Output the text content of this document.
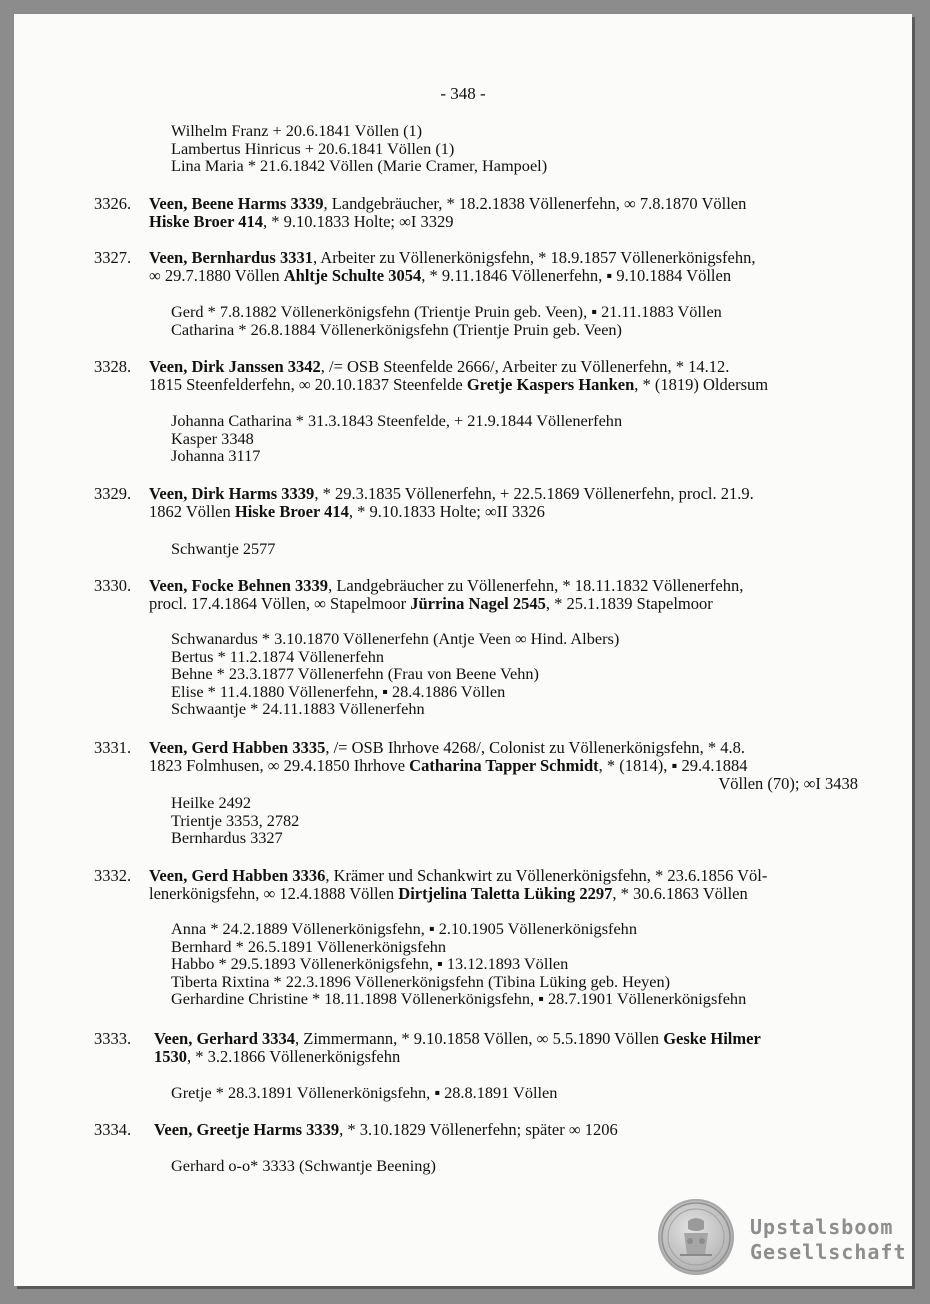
- 348 -
Wilhelm Franz + 20.6.1841 Völlen (1)
Lambertus Hinricus + 20.6.1841 Völlen (1)
Lina Maria * 21.6.1842 Völlen (Marie Cramer, Hampoel)
3326.	Veen, Beene Harms 3339, Landgebräucher, * 18.2.1838 Völlenerfehn, ∞ 7.8.1870 Völlen
Hiske Broer 414, * 9.10.1833 Holte; ∞I 3329
3327.	Veen, Bernhardus 3331, Arbeiter zu Völlenerkönigsfehn, * 18.9.1857 Völlenerkönigsfehn,
∞ 29.7.1880 Völlen Ahltje Schulte 3054, * 9.11.1846 Völlenerfehn, ▪ 9.10.1884 Völlen
Gerd * 7.8.1882 Völlenerkönigsfehn (Trientje Pruin geb. Veen), ▪ 21.11.1883 Völlen
Catharina * 26.8.1884 Völlenerkönigsfehn (Trientje Pruin geb. Veen)
3328.	Veen, Dirk Janssen 3342, /= OSB Steenfelde 2666/, Arbeiter zu Völlenerfehn, * 14.12.
1815 Steenfelderfehn, ∞ 20.10.1837 Steenfelde Gretje Kaspers Hanken, * (1819) Oldersum
Johanna Catharina * 31.3.1843 Steenfelde, + 21.9.1844 Völlenerfehn
Kasper 3348
Johanna 3117
3329.	Veen, Dirk Harms 3339, * 29.3.1835 Völlenerfehn, + 22.5.1869 Völlenerfehn, procl. 21.9.
1862 Völlen Hiske Broer 414, * 9.10.1833 Holte; ∞II 3326
Schwantje 2577
3330.	Veen, Focke Behnen 3339, Landgebräucher zu Völlenerfehn, * 18.11.1832 Völlenerfehn,
procl. 17.4.1864 Völlen, ∞ Stapelmoor Jürrina Nagel 2545, * 25.1.1839 Stapelmoor
Schwanardus * 3.10.1870 Völlenerfehn (Antje Veen ∞ Hind. Albers)
Bertus * 11.2.1874 Völlenerfehn
Behne * 23.3.1877 Völlenerfehn (Frau von Beene Vehn)
Elise * 11.4.1880 Völlenerfehn, ▪ 28.4.1886 Völlen
Schwaantje * 24.11.1883 Völlenerfehn
3331.	Veen, Gerd Habben 3335, /= OSB Ihrhove 4268/, Colonist zu Völlenerkönigsfehn, * 4.8.
1823 Folmhusen, ∞ 29.4.1850 Ihrhove Catharina Tapper Schmidt, * (1814), ▪ 29.4.1884
Völlen (70); ∞I 3438
Heilke 2492
Trientje 3353, 2782
Bernhardus 3327
3332.	Veen, Gerd Habben 3336, Krämer und Schankwirt zu Völlenerkönigsfehn, * 23.6.1856 Völ-
lenerkönigsfehn, ∞ 12.4.1888 Völlen Dirtjelina Taletta Lüking 2297, * 30.6.1863 Völlen
Anna * 24.2.1889 Völlenerkönigsfehn, ▪ 2.10.1905 Völlenerkönigsfehn
Bernhard * 26.5.1891 Völlenerkönigsfehn
Habbo * 29.5.1893 Völlenerkönigsfehn, ▪ 13.12.1893 Völlen
Tiberta Rixtina * 22.3.1896 Völlenerkönigsfehn (Tibina Lüking geb. Heyen)
Gerhardine Christine * 18.11.1898 Völlenerkönigsfehn, ▪ 28.7.1901 Völlenerkönigsfehn
3333.	Veen, Gerhard 3334, Zimmermann, * 9.10.1858 Völlen, ∞ 5.5.1890 Völlen Geske Hilmer
1530, * 3.2.1866 Völlenerkönigsfehn
Gretje * 28.3.1891 Völlenerkönigsfehn, ▪ 28.8.1891 Völlen
3334.	Veen, Greetje Harms 3339, * 3.10.1829 Völlenerfehn; später ∞ 1206
Gerhard o-o* 3333 (Schwantje Beening)
Upstalsboom
Gesellschaft
